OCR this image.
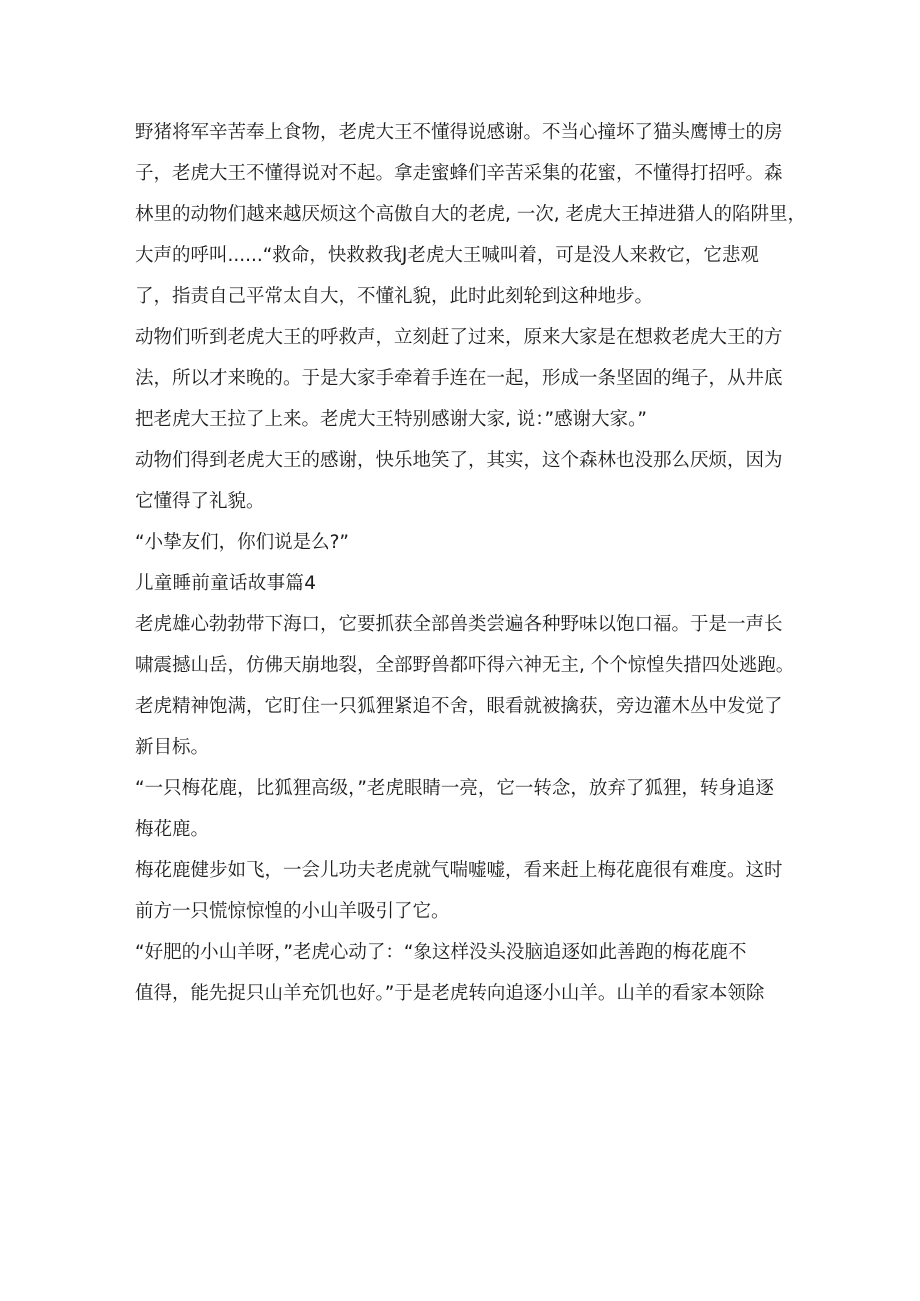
野猪将军辛苦奉上食物，老虎大王不懂得说感谢。不当心撞坏了猫头鹰博士的房
子，老虎大王不懂得说对不起。拿走蜜蜂们辛苦采集的花蜜，不懂得打招呼。森
林里的动物们越来越厌烦这个高傲自大的老虎, 一次, 老虎大王掉进猎人的陷阱里，
大声的呼叫......“救命，快救救我J老虎大王喊叫着，可是没人来救它，它悲观
了，指责自己平常太自大，不懂礼貌，此时此刻轮到这种地步。
动物们听到老虎大王的呼救声，立刻赶了过来，原来大家是在想救老虎大王的方
法，所以才来晚的。于是大家手牵着手连在一起，形成一条坚固的绳子，从井底
把老虎大王拉了上来。老虎大王特别感谢大家, 说：”感谢大家。”
动物们得到老虎大王的感谢，快乐地笑了，其实，这个森林也没那么厌烦，因为
它懂得了礼貌。
“小挚友们，你们说是么?”
儿童睡前童话故事篇4
老虎雄心勃勃带下海口，它要抓获全部兽类尝遍各种野味以饱口福。于是一声长
啸震撼山岳，仿佛天崩地裂，全部野兽都吓得六神无主, 个个惊惶失措四处逃跑。
老虎精神饱满，它盯住一只狐狸紧追不舍，眼看就被擒获，旁边灌木丛中发觉了
新目标。
“一只梅花鹿，比狐狸高级，”老虎眼睛一亮，它一转念，放弃了狐狸，转身追逐
梅花鹿。
梅花鹿健步如飞，一会儿功夫老虎就气喘嘘嘘，看来赶上梅花鹿很有难度。这时
前方一只慌惊惊惶的小山羊吸引了它。
“好肥的小山羊呀，”老虎心动了：“象这样没头没脑追逐如此善跑的梅花鹿不
值得，能先捉只山羊充饥也好。”于是老虎转向追逐小山羊。山羊的看家本领除
